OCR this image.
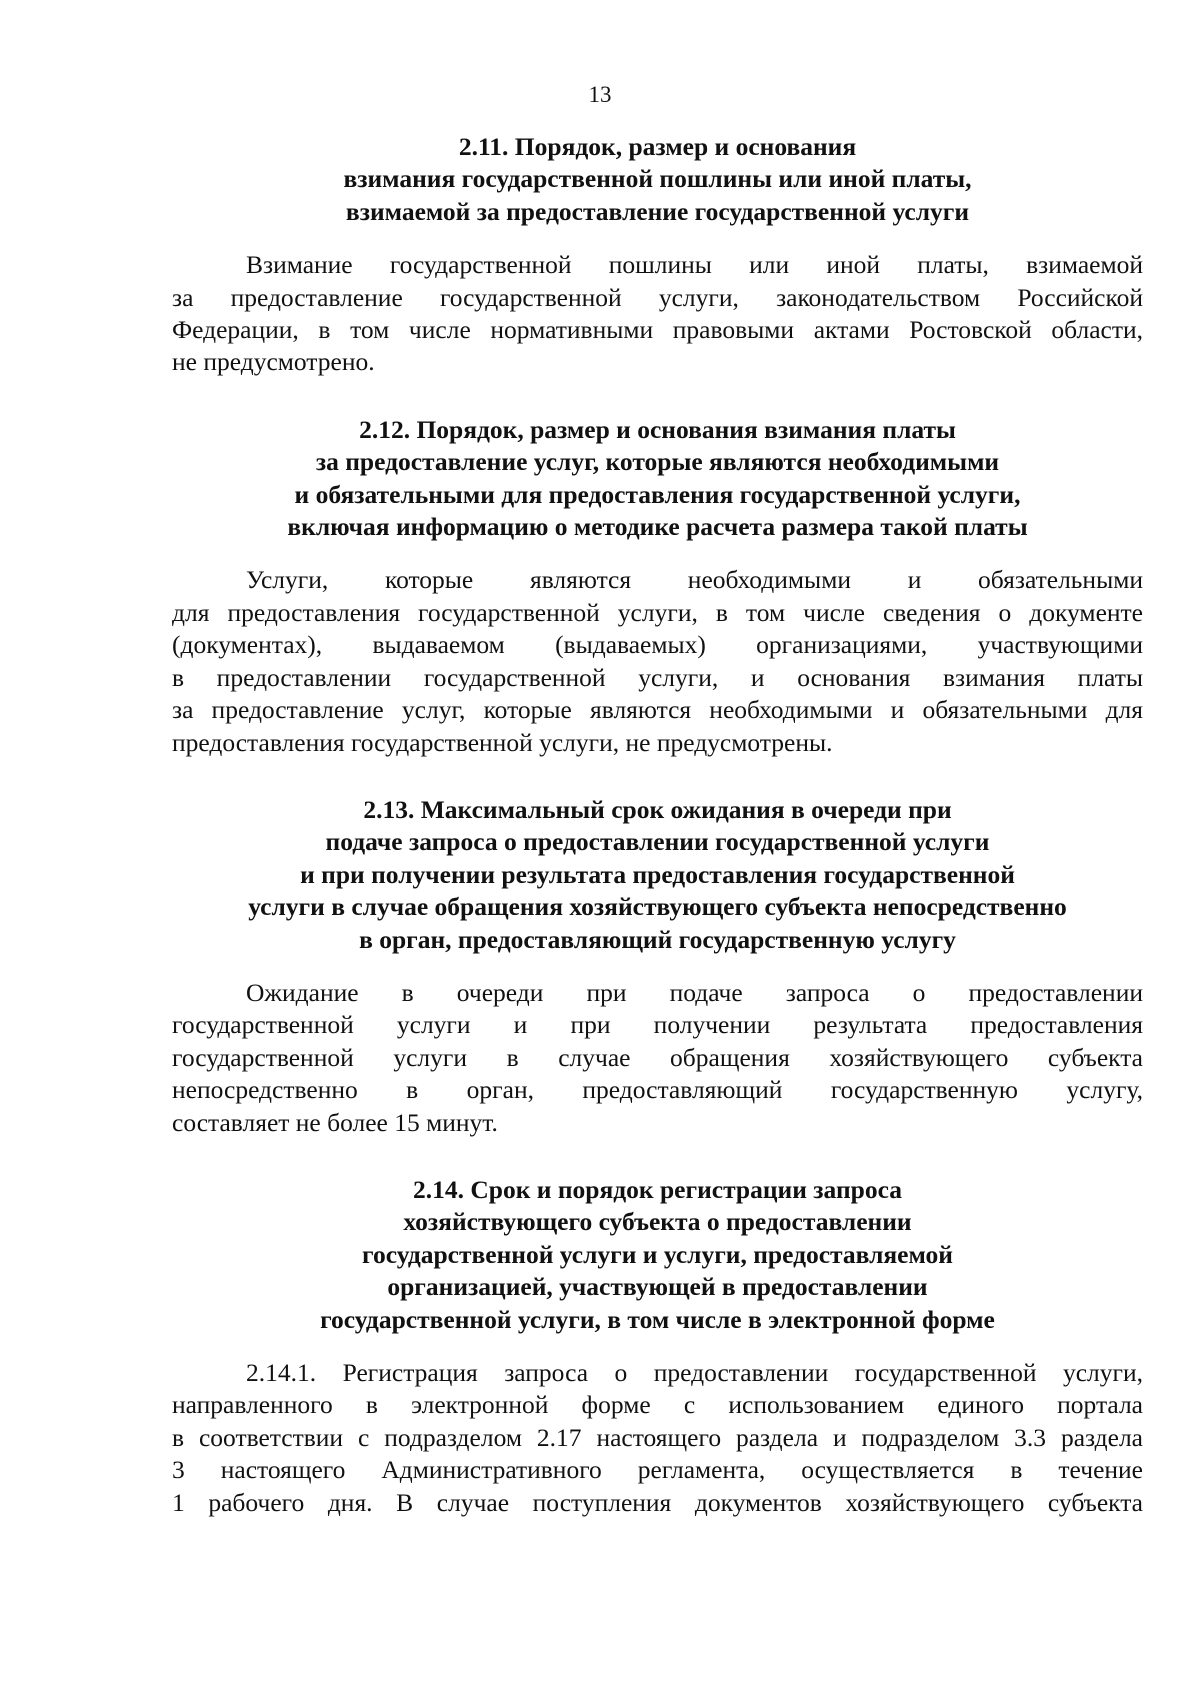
13
2.11. Порядок, размер и основания
взимания государственной пошлины или иной платы,
взимаемой за предоставление государственной услуги
Взимание государственной пошлины или иной платы, взимаемой
за предоставление государственной услуги, законодательством Российской
Федерации, в том числе нормативными правовыми актами Ростовской области,
не предусмотрено.
2.12. Порядок, размер и основания взимания платы
за предоставление услуг, которые являются необходимыми
и обязательными для предоставления государственной услуги,
включая информацию о методике расчета размера такой платы
Услуги, которые являются необходимыми и обязательными
для предоставления государственной услуги, в том числе сведения о документе
(документах), выдаваемом (выдаваемых) организациями, участвующими
в предоставлении государственной услуги, и основания взимания платы
за предоставление услуг, которые являются необходимыми и обязательными для
предоставления государственной услуги, не предусмотрены.
2.13. Максимальный срок ожидания в очереди при
подаче запроса о предоставлении государственной услуги
и при получении результата предоставления государственной
услуги в случае обращения хозяйствующего субъекта непосредственно
в орган, предоставляющий государственную услугу
Ожидание в очереди при подаче запроса о предоставлении
государственной услуги и при получении результата предоставления
государственной услуги в случае обращения хозяйствующего субъекта
непосредственно в орган, предоставляющий государственную услугу,
составляет не более 15 минут.
2.14. Срок и порядок регистрации запроса
хозяйствующего субъекта о предоставлении
государственной услуги и услуги, предоставляемой
организацией, участвующей в предоставлении
государственной услуги, в том числе в электронной форме
2.14.1. Регистрация запроса о предоставлении государственной услуги,
направленного в электронной форме с использованием единого портала
в соответствии с подразделом 2.17 настоящего раздела и подразделом 3.3 раздела
3 настоящего Административного регламента, осуществляется в течение
1 рабочего дня. В случае поступления документов хозяйствующего субъекта
